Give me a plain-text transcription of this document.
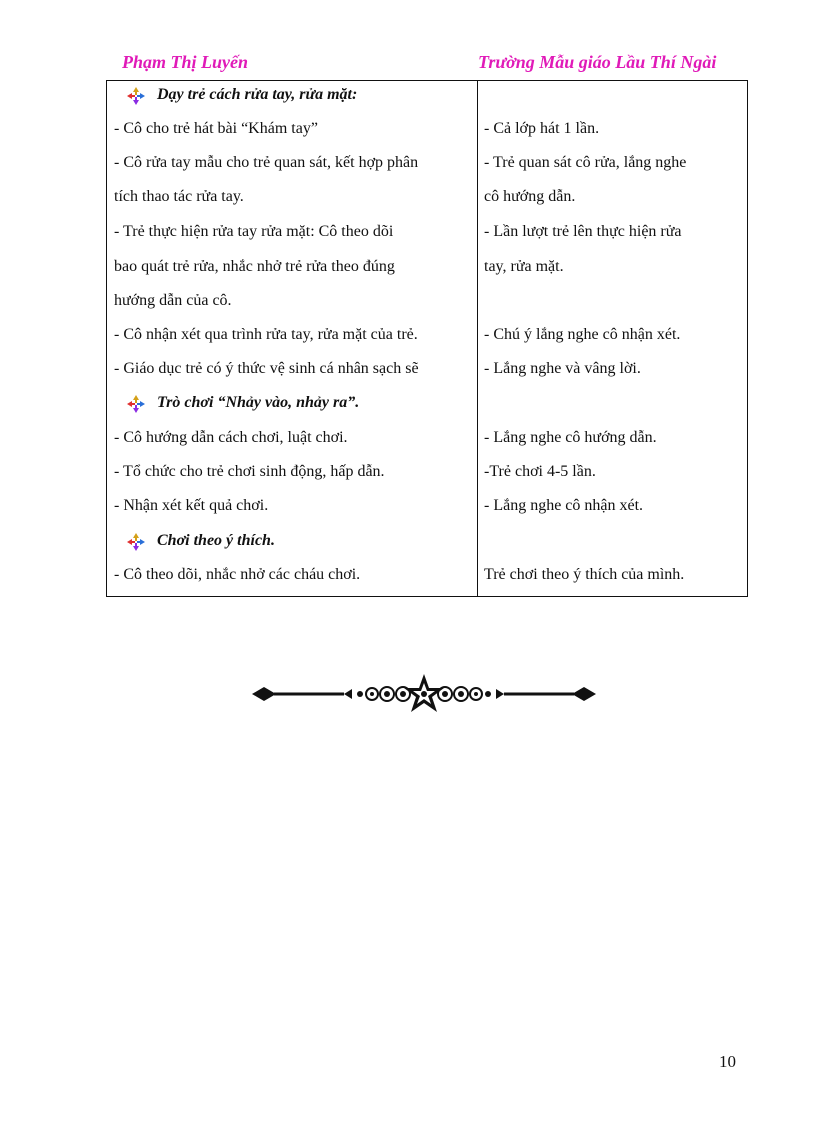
Phạm Thị Luyến	Trường Mẫu giáo Lầu Thí Ngài
Dạy trẻ cách rửa tay, rửa mặt:
- Cô cho trẻ hát bài “Khám tay”	- Cả lớp hát 1 lần.
- Cô rửa tay mẫu cho trẻ quan sát, kết hợp phân	- Trẻ quan sát cô rửa, lắng nghe
tích thao tác rửa tay.	cô hướng dẫn.
- Trẻ thực hiện rửa tay rửa mặt: Cô theo dõi	- Lần lượt trẻ lên thực hiện rửa
bao quát trẻ rửa, nhắc nhở trẻ rửa theo đúng	tay, rửa mặt.
hướng dẫn của cô.
- Cô nhận xét qua trình rửa tay, rửa mặt của trẻ.	- Chú ý lắng nghe cô nhận xét.
- Giáo dục trẻ có ý thức vệ sinh cá nhân sạch sẽ	- Lắng nghe và vâng lời.
Trò chơi “Nhảy vào, nhảy ra”.
- Cô hướng dẫn cách chơi, luật chơi.	- Lắng nghe cô hướng dẫn.
- Tổ chức cho trẻ chơi sinh động, hấp dẫn.	-Trẻ chơi 4-5 lần.
- Nhận xét kết quả chơi.	- Lắng nghe cô nhận xét.
Chơi theo ý thích.
- Cô theo dõi, nhắc nhở các cháu chơi.	Trẻ chơi theo ý thích của mình.
10
